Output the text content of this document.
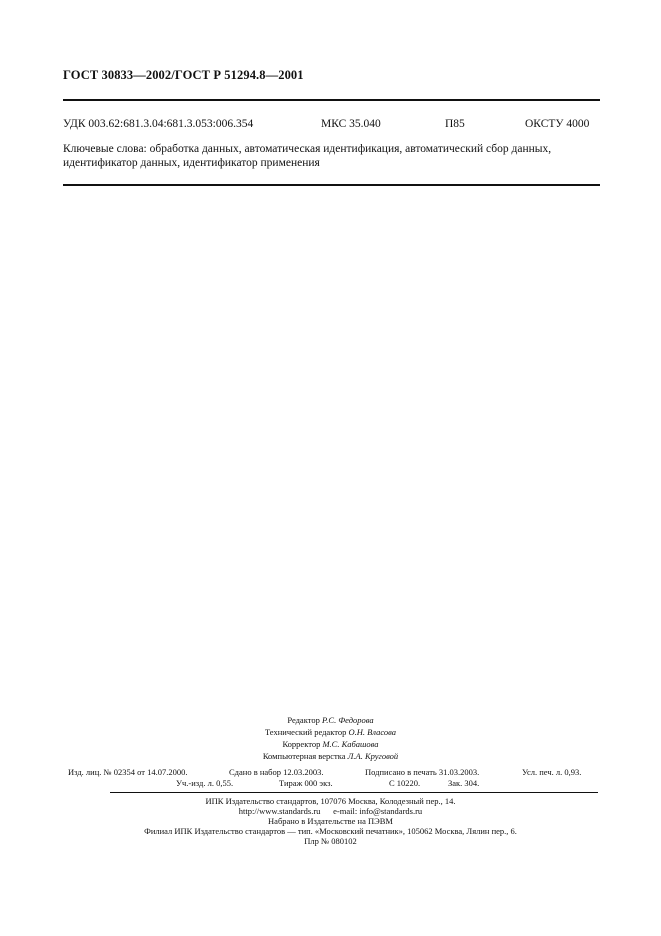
ГОСТ 30833—2002/ГОСТ Р 51294.8—2001
УДК 003.62:681.3.04:681.3.053:006.354	МКС 35.040	П85	ОКСТУ 4000
Ключевые слова: обработка данных, автоматическая идентификация, автоматический сбор данных,
идентификатор данных, идентификатор применения
Редактор Р.С. Федорова
Технический редактор О.Н. Власова
Корректор М.С. Кабашова
Компьютерная верстка Л.А. Круговой
Изд. лиц. № 02354 от 14.07.2000.	Сдано в набор 12.03.2003.	Подписано в печать 31.03.2003.	Усл. печ. л. 0,93.
Уч.-изд. л. 0,55.	Тираж 000 экз.	С 10220.	Зак. 304.
ИПК Издательство стандартов, 107076 Москва, Колодезный пер., 14.
http://www.standards.ru      e-mail: info@standards.ru
Набрано в Издательстве на ПЭВМ
Филиал ИПК Издательство стандартов — тип. «Московский печатник», 105062 Москва, Лялин пер., 6.
Плр № 080102
